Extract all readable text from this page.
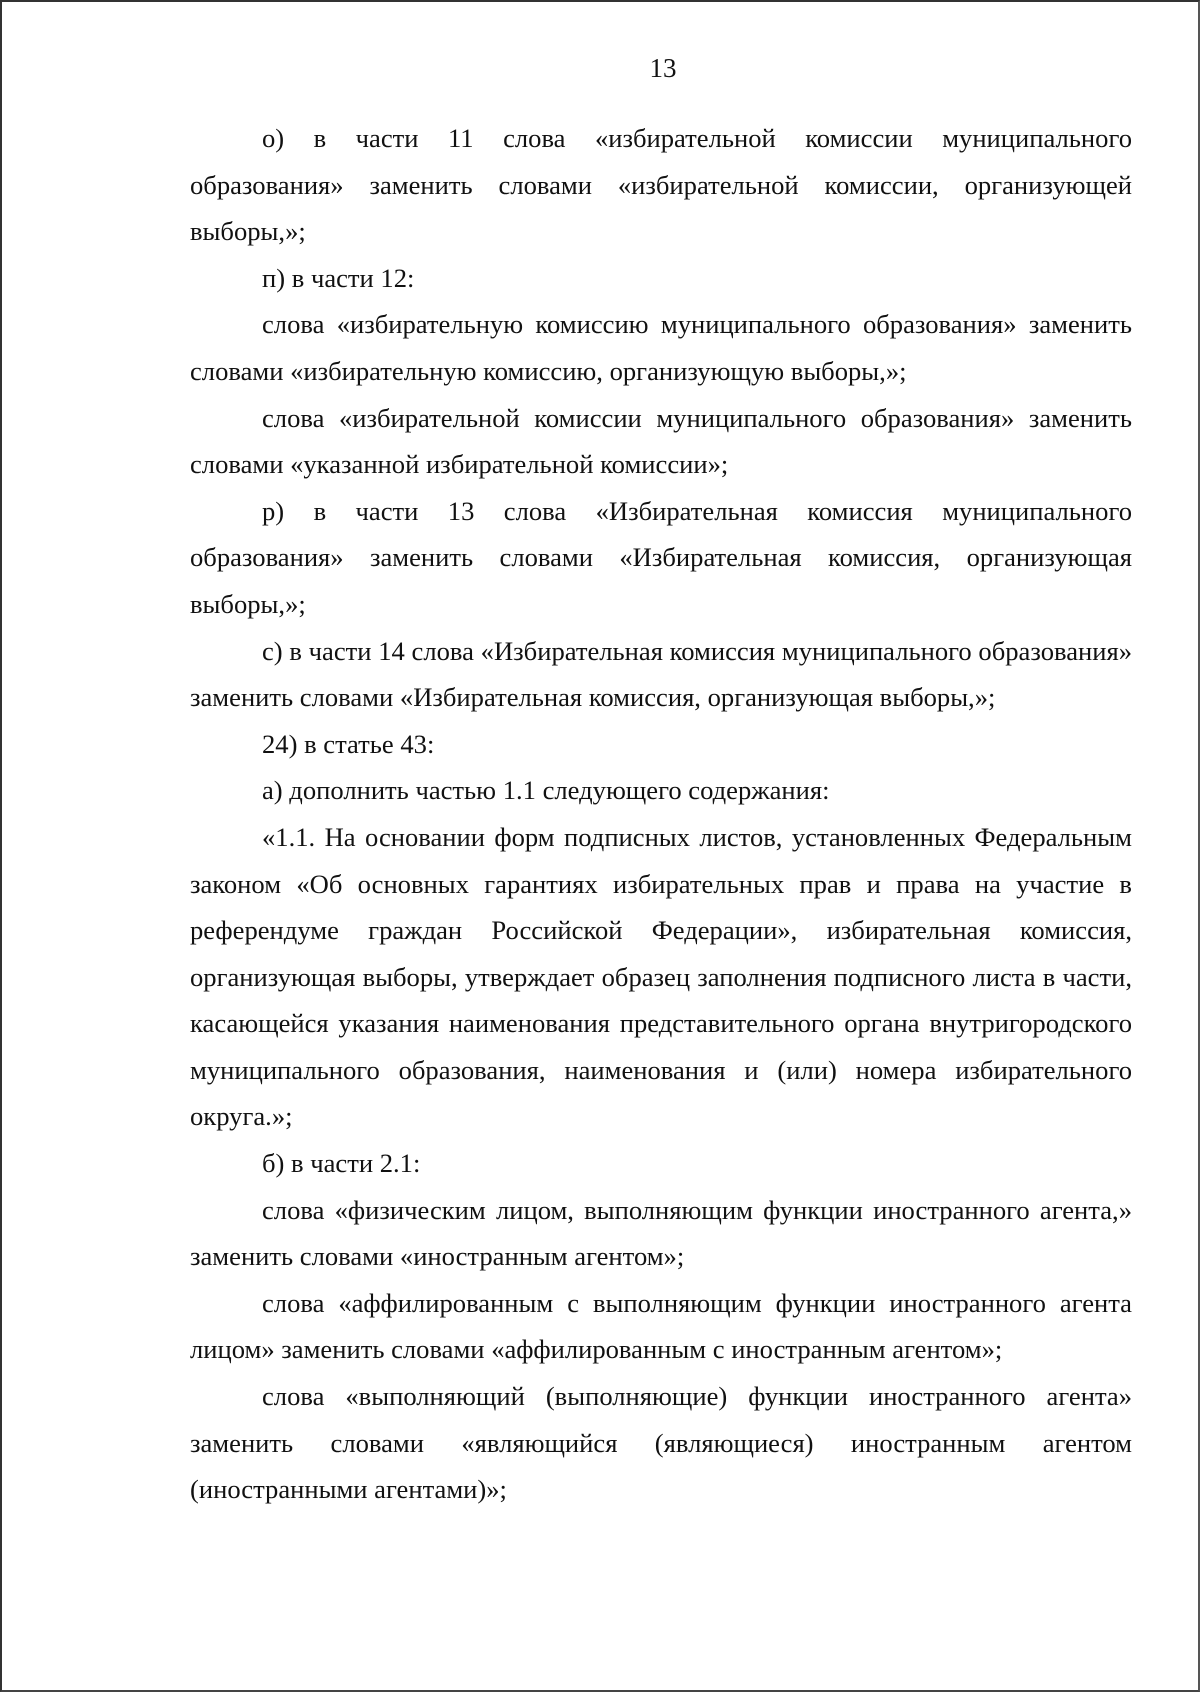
13

о) в части 11 слова «избирательной комиссии муниципального образования» заменить словами «избирательной комиссии, организующей выборы,»;

п) в части 12:

слова «избирательную комиссию муниципального образования» заменить словами «избирательную комиссию, организующую выборы,»;

слова «избирательной комиссии муниципального образования» заменить словами «указанной избирательной комиссии»;

р) в части 13 слова «Избирательная комиссия муниципального образования» заменить словами «Избирательная комиссия, организующая выборы,»;

с) в части 14 слова «Избирательная комиссия муниципального образования» заменить словами «Избирательная комиссия, организующая выборы,»;

24) в статье 43:

а) дополнить частью 1.1 следующего содержания:

«1.1. На основании форм подписных листов, установленных Федеральным законом «Об основных гарантиях избирательных прав и права на участие в референдуме граждан Российской Федерации», избирательная комиссия, организующая выборы, утверждает образец заполнения подписного листа в части, касающейся указания наименования представительного органа внутригородского муниципального образования, наименования и (или) номера избирательного округа.»;

б) в части 2.1:

слова «физическим лицом, выполняющим функции иностранного агента,» заменить словами «иностранным агентом»;

слова «аффилированным с выполняющим функции иностранного агента лицом» заменить словами «аффилированным с иностранным агентом»;

слова «выполняющий (выполняющие) функции иностранного агента» заменить словами «являющийся (являющиеся) иностранным агентом (иностранными агентами)»;
